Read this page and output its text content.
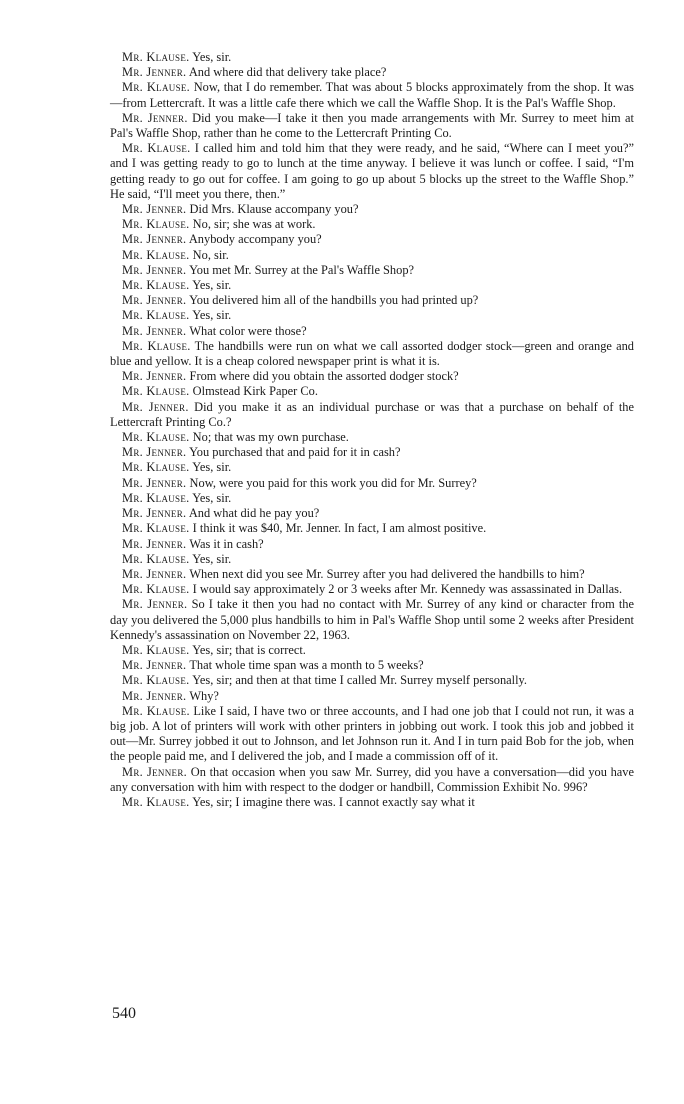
Mr. Klause. Yes, sir.

Mr. Jenner. And where did that delivery take place?

Mr. Klause. Now, that I do remember. That was about 5 blocks approximately from the shop. It was—from Lettercraft. It was a little cafe there which we call the Waffle Shop. It is the Pal's Waffle Shop.

Mr. Jenner. Did you make—I take it then you made arrangements with Mr. Surrey to meet him at Pal's Waffle Shop, rather than he come to the Lettercraft Printing Co.

Mr. Klause. I called him and told him that they were ready, and he said, “Where can I meet you?” and I was getting ready to go to lunch at the time anyway. I believe it was lunch or coffee. I said, “I'm getting ready to go out for coffee. I am going to go up about 5 blocks up the street to the Waffle Shop.” He said, “I'll meet you there, then.”

Mr. Jenner. Did Mrs. Klause accompany you?

Mr. Klause. No, sir; she was at work.

Mr. Jenner. Anybody accompany you?

Mr. Klause. No, sir.

Mr. Jenner. You met Mr. Surrey at the Pal's Waffle Shop?

Mr. Klause. Yes, sir.

Mr. Jenner. You delivered him all of the handbills you had printed up?

Mr. Klause. Yes, sir.

Mr. Jenner. What color were those?

Mr. Klause. The handbills were run on what we call assorted dodger stock—green and orange and blue and yellow. It is a cheap colored newspaper print is what it is.

Mr. Jenner. From where did you obtain the assorted dodger stock?

Mr. Klause. Olmstead Kirk Paper Co.

Mr. Jenner. Did you make it as an individual purchase or was that a purchase on behalf of the Lettercraft Printing Co.?

Mr. Klause. No; that was my own purchase.

Mr. Jenner. You purchased that and paid for it in cash?

Mr. Klause. Yes, sir.

Mr. Jenner. Now, were you paid for this work you did for Mr. Surrey?

Mr. Klause. Yes, sir.

Mr. Jenner. And what did he pay you?

Mr. Klause. I think it was $40, Mr. Jenner. In fact, I am almost positive.

Mr. Jenner. Was it in cash?

Mr. Klause. Yes, sir.

Mr. Jenner. When next did you see Mr. Surrey after you had delivered the handbills to him?

Mr. Klause. I would say approximately 2 or 3 weeks after Mr. Kennedy was assassinated in Dallas.

Mr. Jenner. So I take it then you had no contact with Mr. Surrey of any kind or character from the day you delivered the 5,000 plus handbills to him in Pal's Waffle Shop until some 2 weeks after President Kennedy's assassination on November 22, 1963.

Mr. Klause. Yes, sir; that is correct.

Mr. Jenner. That whole time span was a month to 5 weeks?

Mr. Klause. Yes, sir; and then at that time I called Mr. Surrey myself personally.

Mr. Jenner. Why?

Mr. Klause. Like I said, I have two or three accounts, and I had one job that I could not run, it was a big job. A lot of printers will work with other printers in jobbing out work. I took this job and jobbed it out—Mr. Surrey jobbed it out to Johnson, and let Johnson run it. And I in turn paid Bob for the job, when the people paid me, and I delivered the job, and I made a commission off of it.

Mr. Jenner. On that occasion when you saw Mr. Surrey, did you have a conversation—did you have any conversation with him with respect to the dodger or handbill, Commission Exhibit No. 996?

Mr. Klause. Yes, sir; I imagine there was. I cannot exactly say what it

540
